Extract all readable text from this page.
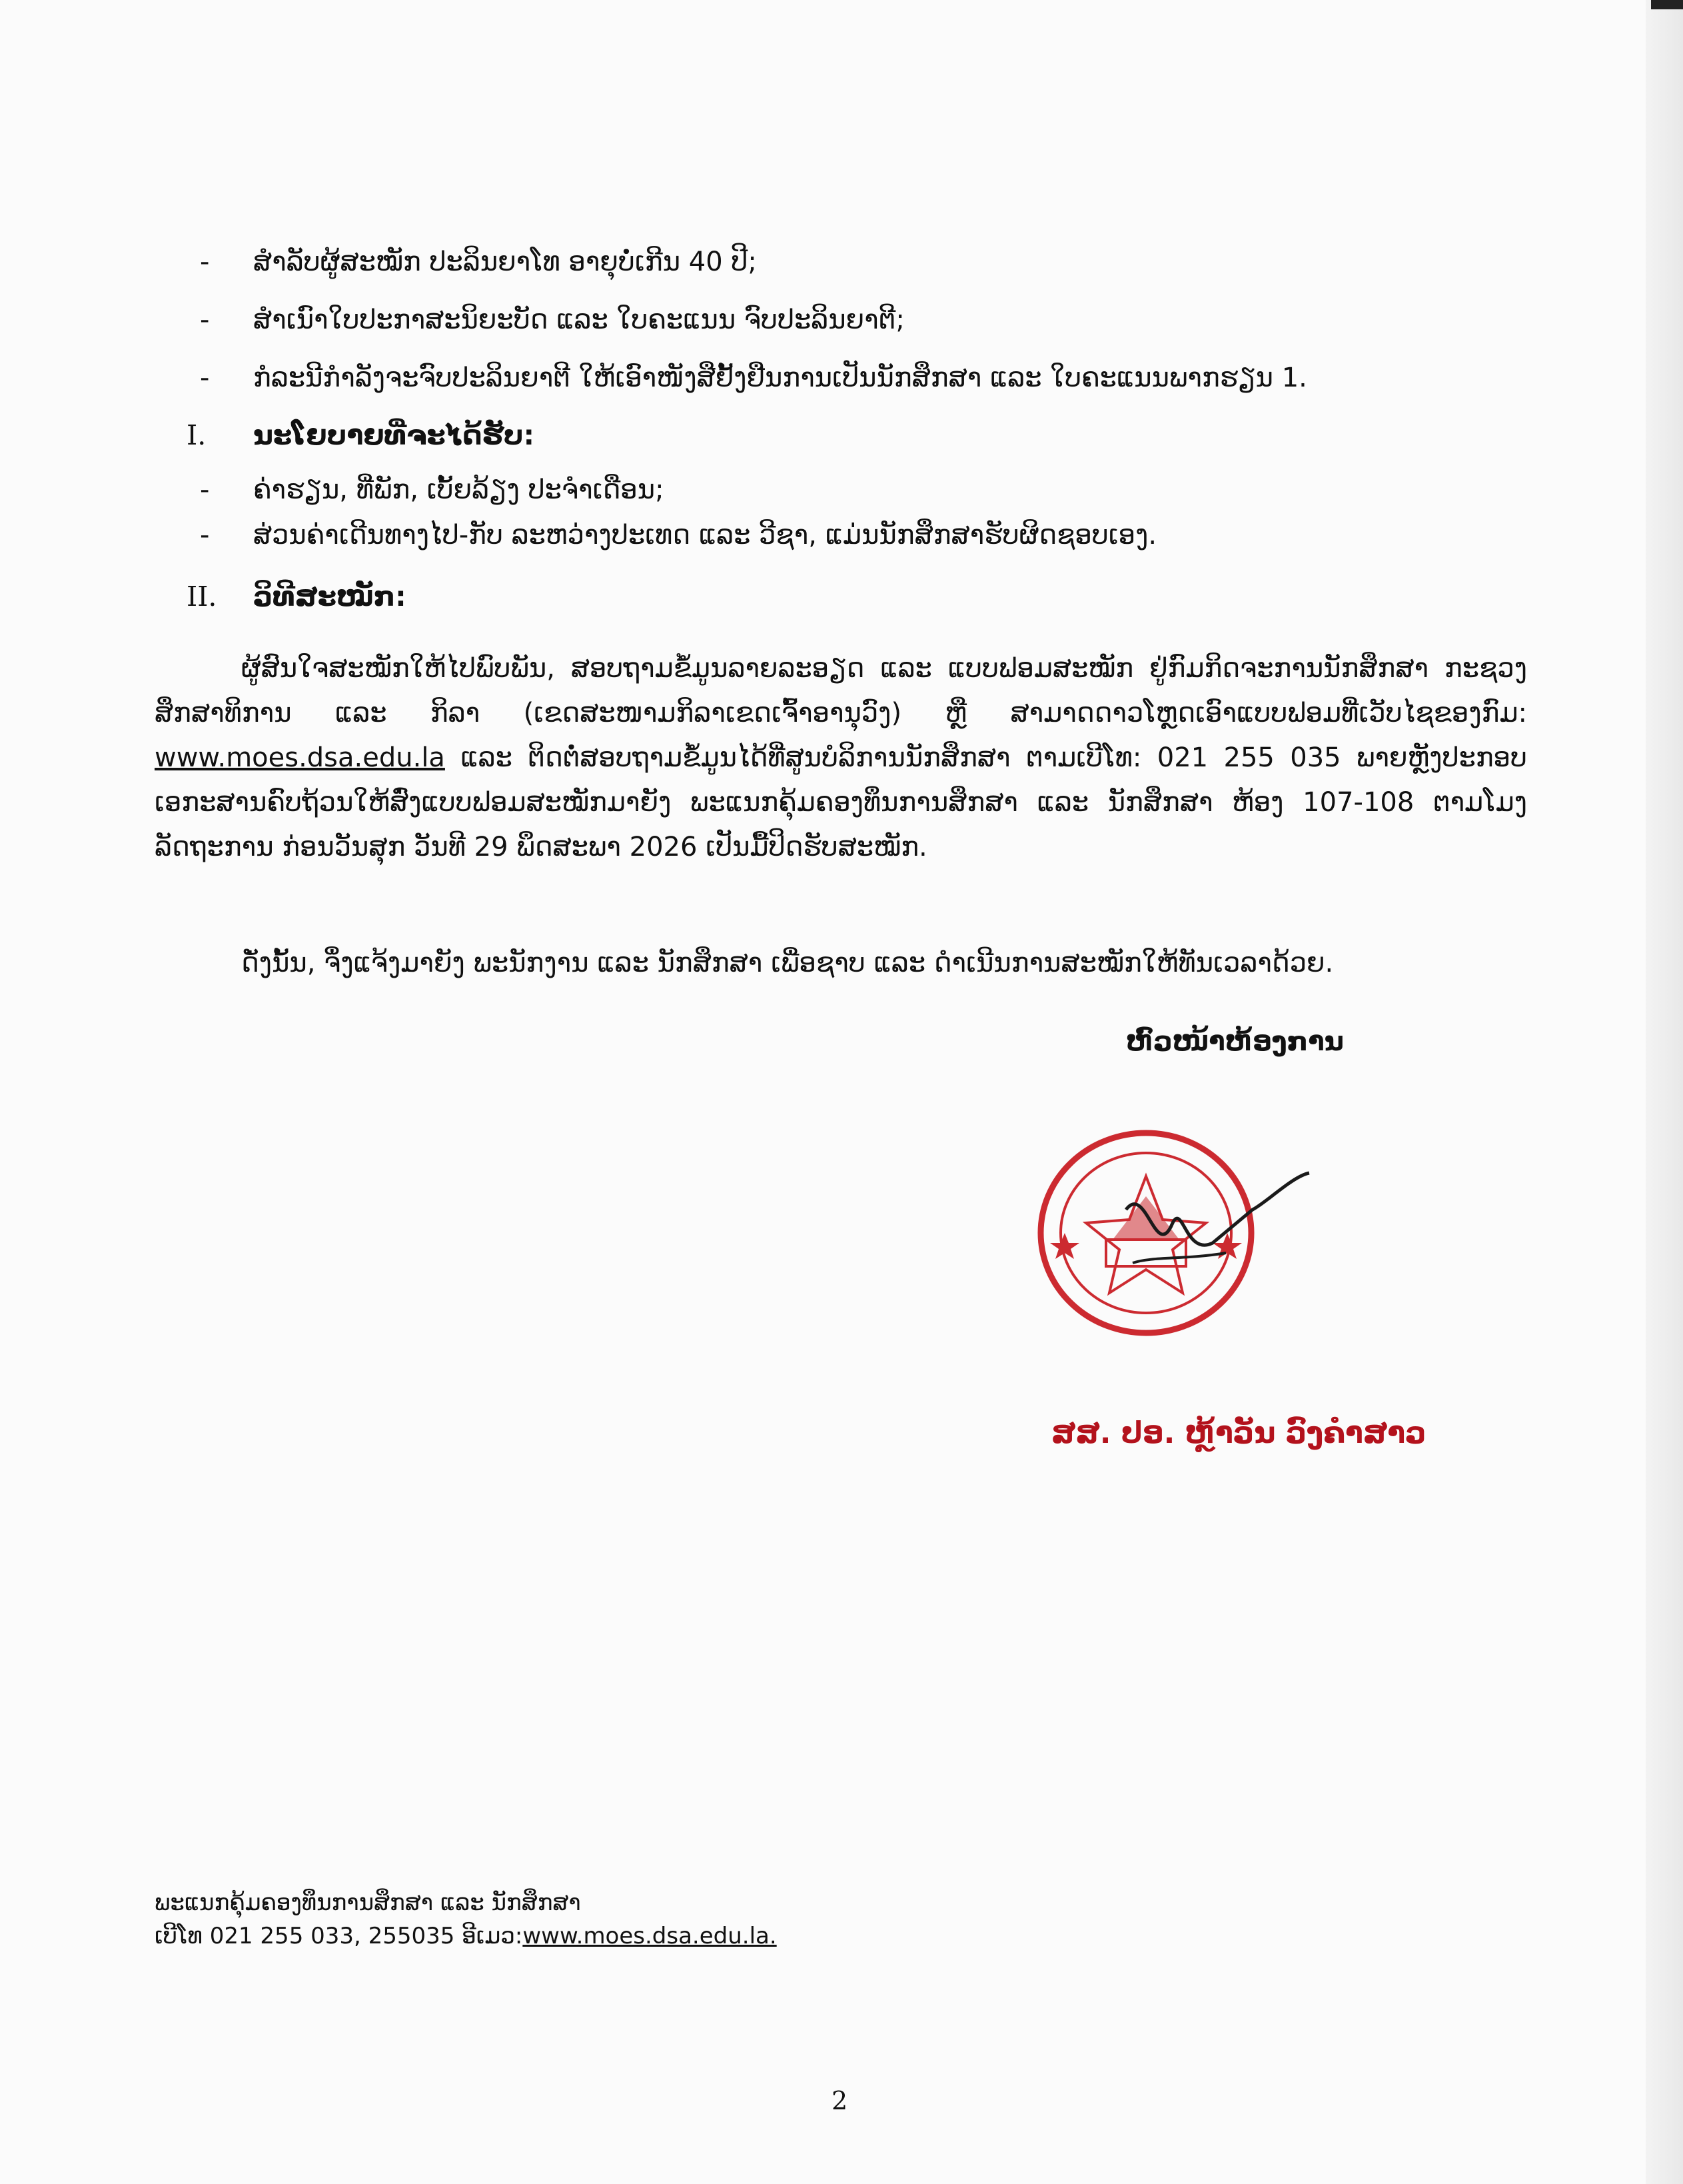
- ສຳລັບຜູ້ສະໝັກ ປະລິນຍາໂທ ອາຍຸບໍ່ເກີນ 40 ປີ;
- ສຳເນົາໃບປະກາສະນິຍະບັດ ແລະ ໃບຄະແນນ ຈົບປະລິນຍາຕີ;
- ກໍລະນີກຳລັງຈະຈົບປະລິນຍາຕີ ໃຫ້ເອົາໜັງສືຢັ້ງຢືນການເປັນນັກສຶກສາ ແລະ ໃບຄະແນນພາກຮຽນ 1.
I. ນະໂຍບາຍທີ່ຈະໄດ້ຮັບ:
- ຄ່າຮຽນ, ທີ່ພັກ, ເບັ້ຍລ້ຽງ ປະຈຳເດືອນ;
- ສ່ວນຄ່າເດີນທາງໄປ-ກັບ ລະຫວ່າງປະເທດ ແລະ ວີຊາ, ແມ່ນນັກສຶກສາຮັບຜິດຊອບເອງ.
II. ວິທີສະໝັກ:
ຜູ້ສົນໃຈສະໝັກໃຫ້ໄປພົບພັນ, ສອບຖາມຂໍ້ມູນລາຍລະອຽດ ແລະ ແບບຟອມສະໝັກ ຢູ່ກົມກິດຈະການນັກສຶກສາ ກະຊວງສຶກສາທິການ ແລະ ກິລາ (ເຂດສະໜາມກິລາເຂດເຈົ້າອານຸວົງ) ຫຼື ສາມາດດາວໂຫຼດເອົາແບບຟອມທີ່ເວັບໄຊຂອງກົມ: www.moes.dsa.edu.la ແລະ ຕິດຕໍ່ສອບຖາມຂໍ້ມູນໄດ້ທີ່ສູນບໍລິການນັກສຶກສາ ຕາມເບີໂທ: 021 255 035 ພາຍຫຼັງປະກອບເອກະສານຄົບຖ້ວນໃຫ້ສົ່ງແບບຟອມສະໝັກມາຍັງ ພະແນກຄຸ້ມຄອງທຶນການສຶກສາ ແລະ ນັກສຶກສາ ຫ້ອງ 107-108 ຕາມໂມງລັດຖະການ ກ່ອນວັນສຸກ ວັນທີ 29 ພຶດສະພາ 2026 ເປັນມື້ປິດຮັບສະໝັກ.
ດັ່ງນັ້ນ, ຈຶ່ງແຈ້ງມາຍັງ ພະນັກງານ ແລະ ນັກສຶກສາ ເພື່ອຊາບ ແລະ ດຳເນີນການສະໝັກໃຫ້ທັນເວລາດ້ວຍ.
ຫົວໜ້າຫ້ອງການ
ສສ. ປອ. ຫຼ້າວັນ ວົງຄຳສາວ
ພະແນກຄຸ້ມຄອງທຶນການສຶກສາ ແລະ ນັກສຶກສາ
ເບີໂທ 021 255 033, 255035 ອີເມວ:www.moes.dsa.edu.la.
2
